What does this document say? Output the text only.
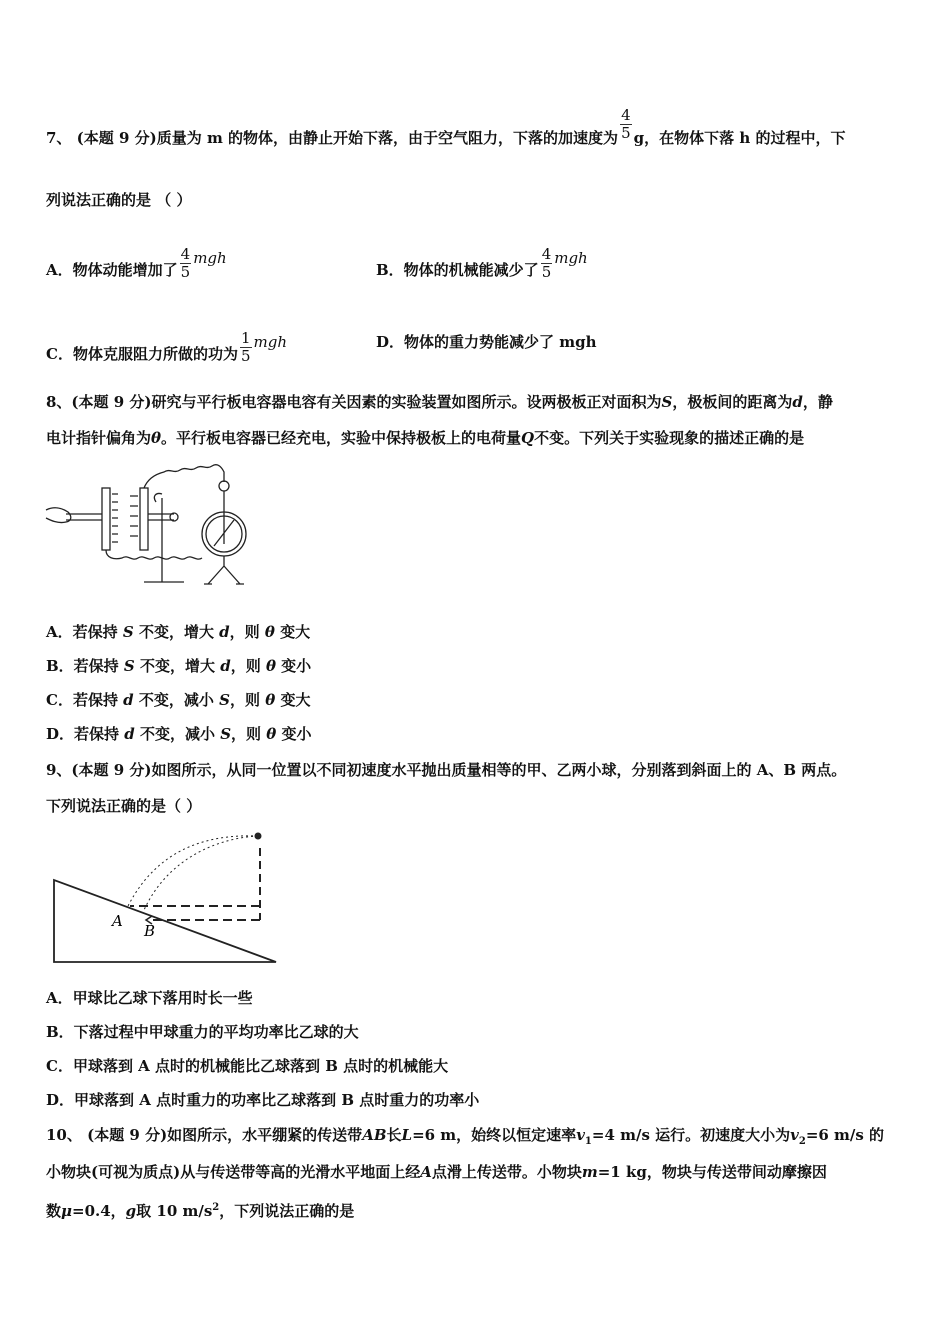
7、 (本题 9 分)质量为 m 的物体，由静止开始下落，由于空气阻力，下落的加速度为 $\frac{4}{5}$ g，在物体下落 h 的过程中，下
列说法正确的是 （ ）
A．物体动能增加了 $\frac{4}{5}$ mgh
B．物体的机械能减少了 $\frac{4}{5}$ mgh
C．物体克服阻力所做的功为 $\frac{1}{5}$ mgh	D．物体的重力势能减少了 mgh
8、(本题 9 分)研究与平行板电容器电容有关因素的实验装置如图所示。设两极板正对面积为S，极板间的距离为d，静
电计指针偏角为θ。平行板电容器已经充电，实验中保持极板上的电荷量Q不变。下列关于实验现象的描述正确的是
A．若保持 S 不变，增大 d，则 θ 变大
B．若保持 S 不变，增大 d，则 θ 变小
C．若保持 d 不变，减小 S，则 θ 变大
D．若保持 d 不变，减小 S，则 θ 变小
9、(本题 9 分)如图所示，从同一位置以不同初速度水平抛出质量相等的甲、乙两小球，分别落到斜面上的 A、B 两点。
下列说法正确的是（ ）
A
B
A．甲球比乙球下落用时长一些
B．下落过程中甲球重力的平均功率比乙球的大
C．甲球落到 A 点时的机械能比乙球落到 B 点时的机械能大
D．甲球落到 A 点时重力的功率比乙球落到 B 点时重力的功率小
10、 (本题 9 分)如图所示，水平绷紧的传送带AB长L=6 m，始终以恒定速率$v_1=4$ m/s 运行。初速度大小为$v_2=6$ m/s 的
小物块(可视为质点)从与传送带等高的光滑水平地面上经A点滑上传送带。小物块m=1 kg，物块与传送带间动摩擦因
数μ=0.4，g取 10 $m/s^2$，下列说法正确的是
